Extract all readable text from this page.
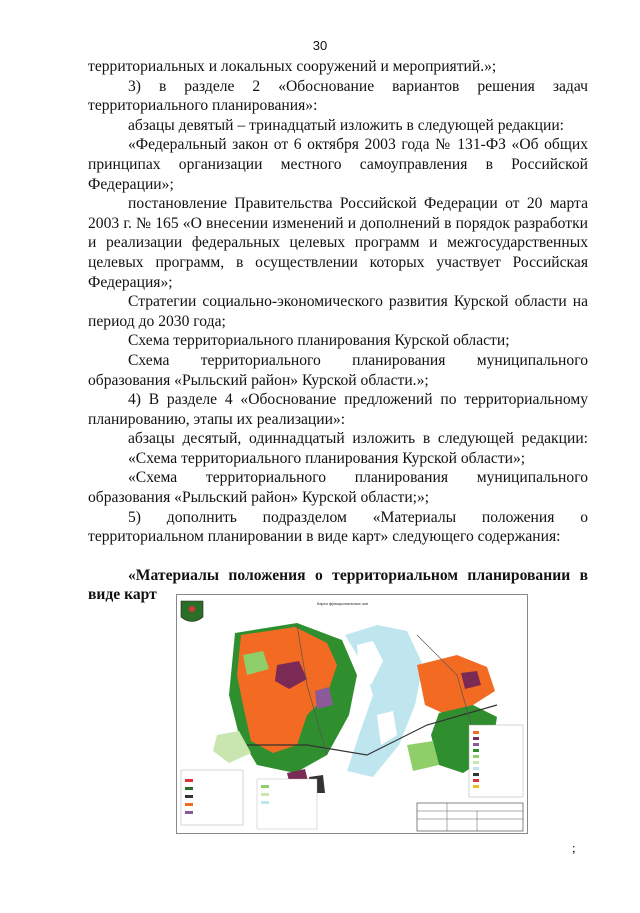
30

территориальных и локальных сооружений и мероприятий.»;

3) в разделе 2 «Обоснование вариантов решения задач территориального планирования»:

абзацы девятый – тринадцатый изложить в следующей редакции:

«Федеральный закон от 6 октября 2003 года № 131-ФЗ «Об общих принципах организации местного самоуправления в Российской Федерации»;

постановление Правительства Российской Федерации от 20 марта 2003 г. № 165 «О внесении изменений и дополнений в порядок разработки и реализации федеральных целевых программ и межгосударственных целевых программ, в осуществлении которых участвует Российская Федерация»;

Стратегии социально-экономического развития Курской области на период до 2030 года;

Схема территориального планирования Курской области;

Схема территориального планирования муниципального образования «Рыльский район» Курской области.»;

4) В разделе 4 «Обоснование предложений по территориальному планированию, этапы их реализации»:

абзацы десятый, одиннадцатый изложить в следующей редакции:

«Схема территориального планирования Курской области»;

«Схема территориального планирования муниципального образования «Рыльский район» Курской области;»;

5) дополнить подразделом «Материалы положения о территориальном планировании в виде карт» следующего содержания:

«Материалы положения о территориальном планировании в виде карт

Карта функциональных зон
;
